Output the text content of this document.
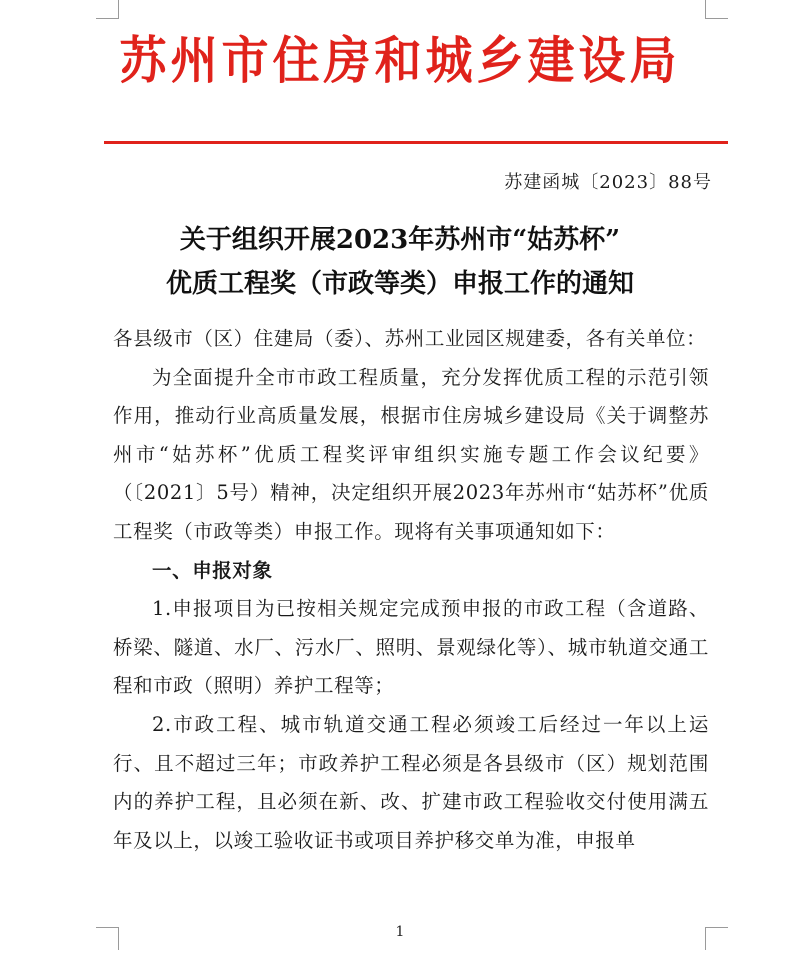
苏州市住房和城乡建设局
苏建函城〔2023〕88号
关于组织开展2023年苏州市“姑苏杯”
优质工程奖（市政等类）申报工作的通知

各县级市（区）住建局（委）、苏州工业园区规建委，各有关单位：

为全面提升全市市政工程质量，充分发挥优质工程的示范引领作用，推动行业高质量发展，根据市住房城乡建设局《关于调整苏州市“姑苏杯”优质工程奖评审组织实施专题工作会议纪要》（〔2021〕5号）精神，决定组织开展2023年苏州市“姑苏杯”优质工程奖（市政等类）申报工作。现将有关事项通知如下：

一、申报对象

1.申报项目为已按相关规定完成预申报的市政工程（含道路、桥梁、隧道、水厂、污水厂、照明、景观绿化等）、城市轨道交通工程和市政（照明）养护工程等；

2.市政工程、城市轨道交通工程必须竣工后经过一年以上运行、且不超过三年；市政养护工程必须是各县级市（区）规划范围内的养护工程，且必须在新、改、扩建市政工程验收交付使用满五年及以上，以竣工验收证书或项目养护移交单为准，申报单

1
